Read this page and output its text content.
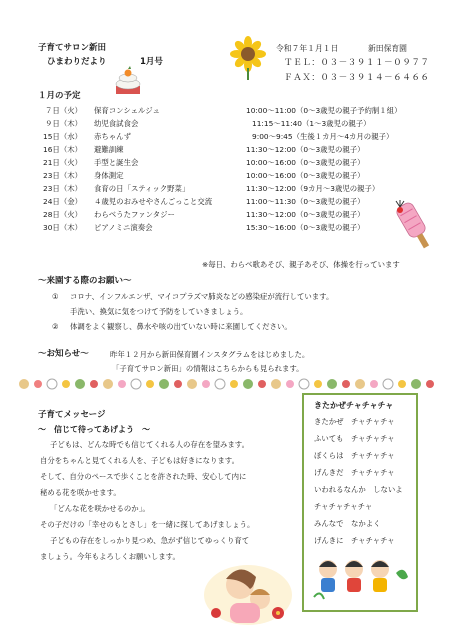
子育てサロン新田
ひまわりだより	1月号
令和７年１月１日	新田保育園
ＴＥＬ：０３－３９１１－０９７７
ＦＡＸ：０３－３９１４－６４６６
１月の予定
７日（火） 保育コンシェルジュ	10:00～11:00（0～3歳児の親子予約制１組）
９日（木） 幼児食試食会	11:15～11:40（1～3歳児の親子）
15日（水） 赤ちゃんず	9:00～9:45（生後１カ月～4カ月の親子）
16日（木） 避難訓練	11:30～12:00（0～3歳児の親子）
21日（火） 手型と誕生会	10:00～16:00（0～3歳児の親子）
23日（木） 身体測定	10:00～16:00（0～3歳児の親子）
23日（木） 食育の日「スティック野菜」	11:30～12:00（9カ月～3歳児の親子）
24日（金） ４歳児のおみせやさんごっこと交流	11:00～11:30（0～3歳児の親子）
28日（火） わらべうたファンタジー	11:30～12:00（0～3歳児の親子）
30日（木） ピアノミニ演奏会	15:30～16:00（0～3歳児の親子）
※毎日、わらべ歌あそび、親子あそび、体操を行っています
～来園する際のお願い～
① コロナ、インフルエンザ、マイコプラズマ肺炎などの感染症が流行しています。
手洗い、換気に気をつけて予防をしていきましょう。
② 体調をよく観察し、鼻水や咳の出ていない時に来園してください。
～お知らせ～	昨年１２月から新田保育園インスタグラムをはじめました。
「子育てサロン新田」の情報はこちらからも見られます。
子育てメッセージ
～　信じて待ってあげよう　～
子どもは、どんな時でも信じてくれる人の存在を望みます。
自分をちゃんと見てくれる人を、子どもは好きになります。
そして、自分のペースで歩くことを許された時、安心して内に
秘める花を咲かせます。
「どんな花を咲かせるのか」。
その子だけの「幸せのもとさし」を一緒に探してあげましょう。
子どもの存在をしっかり見つめ、急がず信じてゆっくり育て
ましょう。今年もよろしくお願いします。
きたかぜチャチャチャ
きたかぜ　チャチャチャ
ふいても　チャチャチャ
ぼくらは　チャチャチャ
げんきだ　チャチャチャ
いわれるなんか　しないよ
チャチャチャチャ
みんなで　なかよく
げんきに　チャチャチャ
